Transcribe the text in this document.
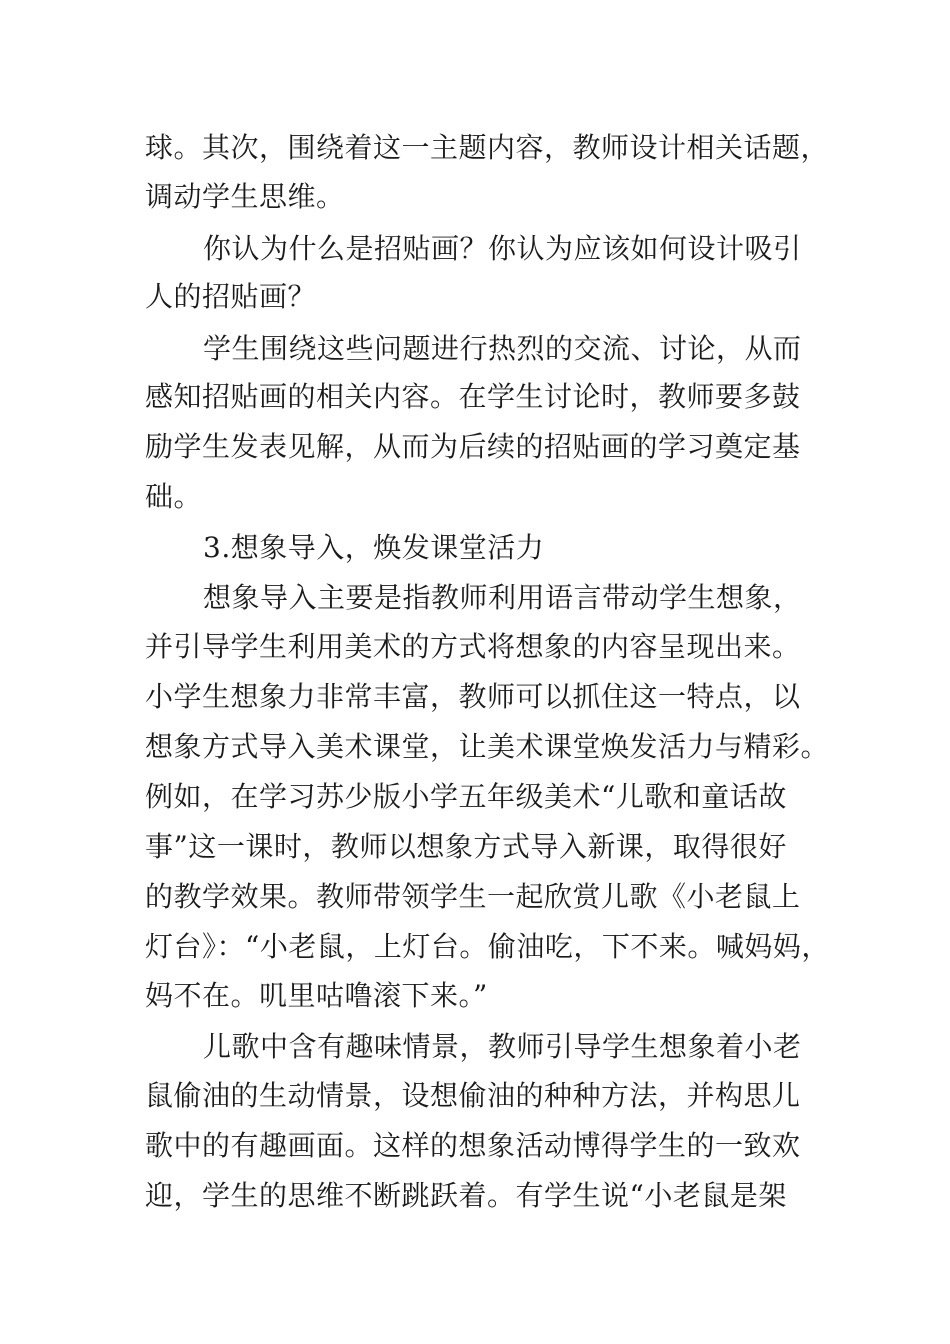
球。其次，围绕着这一主题内容，教师设计相关话题，

调动学生思维。

你认为什么是招贴画？你认为应该如何设计吸引

人的招贴画？

学生围绕这些问题进行热烈的交流、讨论，从而

感知招贴画的相关内容。在学生讨论时，教师要多鼓

励学生发表见解，从而为后续的招贴画的学习奠定基

础。

3.想象导入，焕发课堂活力

想象导入主要是指教师利用语言带动学生想象，

并引导学生利用美术的方式将想象的内容呈现出来。

小学生想象力非常丰富，教师可以抓住这一特点，以

想象方式导入美术课堂，让美术课堂焕发活力与精彩。

例如，在学习苏少版小学五年级美术“儿歌和童话故

事”这一课时，教师以想象方式导入新课，取得很好

的教学效果。教师带领学生一起欣赏儿歌《小老鼠上

灯台》：“小老鼠，上灯台。偷油吃，下不来。喊妈妈，

妈不在。叽里咕噜滚下来。”

儿歌中含有趣味情景，教师引导学生想象着小老

鼠偷油的生动情景，设想偷油的种种方法，并构思儿

歌中的有趣画面。这样的想象活动博得学生的一致欢

迎，学生的思维不断跳跃着。有学生说“小老鼠是架
